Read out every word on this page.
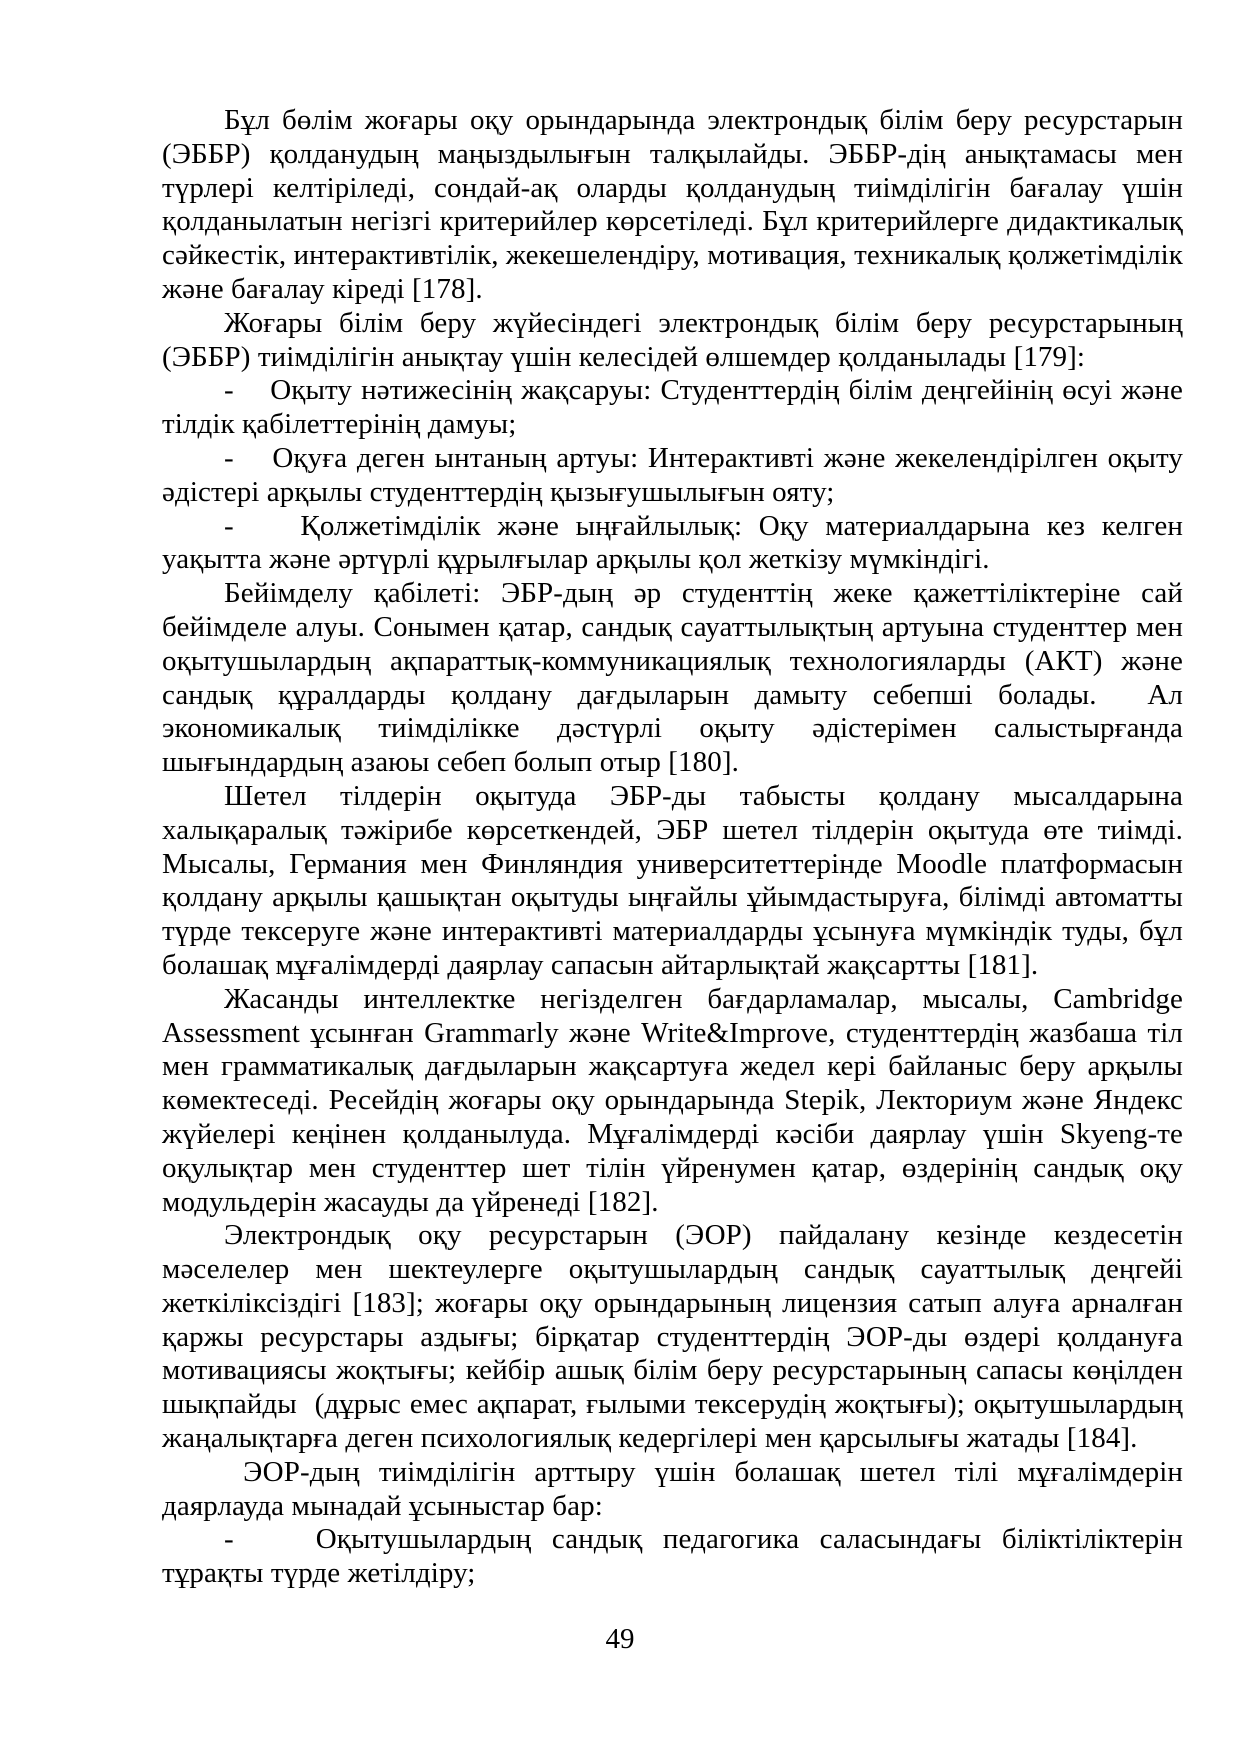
Бұл бөлім жоғары оқу орындарында электрондық білім беру ресурстарын (ЭББР) қолданудың маңыздылығын талқылайды. ЭББР-дің анықтамасы мен түрлері келтіріледі, сондай-ақ оларды қолданудың тиімділігін бағалау үшін қолданылатын негізгі критерийлер көрсетіледі. Бұл критерийлерге дидактикалық сәйкестік, интерактивтілік, жекешелендіру, мотивация, техникалық қолжетімділік және бағалау кіреді [178].

Жоғары білім беру жүйесіндегі электрондық білім беру ресурстарының (ЭББР) тиімділігін анықтау үшін келесідей өлшемдер қолданылады [179]:

-    Оқыту нәтижесінің жақсаруы: Студенттердің білім деңгейінің өсуі және тілдік қабілеттерінің дамуы;

-    Оқуға деген ынтаның артуы: Интерактивті және жекелендірілген оқыту әдістері арқылы студенттердің қызығушылығын ояту;

-    Қолжетімділік және ыңғайлылық: Оқу материалдарына кез келген уақытта және әртүрлі құрылғылар арқылы қол жеткізу мүмкіндігі.

Бейімделу қабілеті: ЭБР-дың әр студенттің жеке қажеттіліктеріне сай бейімделе алуы. Сонымен қатар, сандық сауаттылықтың артуына студенттер мен оқытушылардың ақпараттық-коммуникациялық технологияларды (АКТ) және сандық құралдарды қолдану дағдыларын дамыту себепші болады.  Ал экономикалық тиімділікке дәстүрлі оқыту әдістерімен салыстырғанда шығындардың азаюы себеп болып отыр [180].

Шетел тілдерін оқытуда ЭБР-ды табысты қолдану мысалдарына халықаралық тәжірибе көрсеткендей, ЭБР шетел тілдерін оқытуда өте тиімді. Мысалы, Германия мен Финляндия университеттерінде Moodle платформасын қолдану арқылы қашықтан оқытуды ыңғайлы ұйымдастыруға, білімді автоматты түрде тексеруге және интерактивті материалдарды ұсынуға мүмкіндік туды, бұл болашақ мұғалімдерді даярлау сапасын айтарлықтай жақсартты [181].

Жасанды интеллектке негізделген бағдарламалар, мысалы, Cambridge Assessment ұсынған Grammarly және Write&Improve, студенттердің жазбаша тіл мен грамматикалық дағдыларын жақсартуға жедел кері байланыс беру арқылы көмектеседі. Ресейдің жоғары оқу орындарында Stepik, Лекториум және Яндекс жүйелері кеңінен қолданылуда. Мұғалімдерді кәсіби даярлау үшін Skyeng-те оқулықтар мен студенттер шет тілін үйренумен қатар, өздерінің сандық оқу модульдерін жасауды да үйренеді [182].

Электрондық оқу ресурстарын (ЭОР) пайдалану кезінде кездесетін мәселелер мен шектеулерге оқытушылардың сандық сауаттылық деңгейі жеткіліксіздігі [183]; жоғары оқу орындарының лицензия сатып алуға арналған қаржы ресурстары аздығы; бірқатар студенттердің ЭОР-ды өздері қолдануға мотивациясы жоқтығы; кейбір ашық білім беру ресурстарының сапасы көңілден шықпайды  (дұрыс емес ақпарат, ғылыми тексерудің жоқтығы); оқытушылардың жаңалықтарға деген психологиялық кедергілері мен қарсылығы жатады [184].

ЭОР-дың тиімділігін арттыру үшін болашақ шетел тілі мұғалімдерін даярлауда мынадай ұсыныстар бар:

-    Оқытушылардың сандық педагогика саласындағы біліктіліктерін тұрақты түрде жетілдіру;

49
